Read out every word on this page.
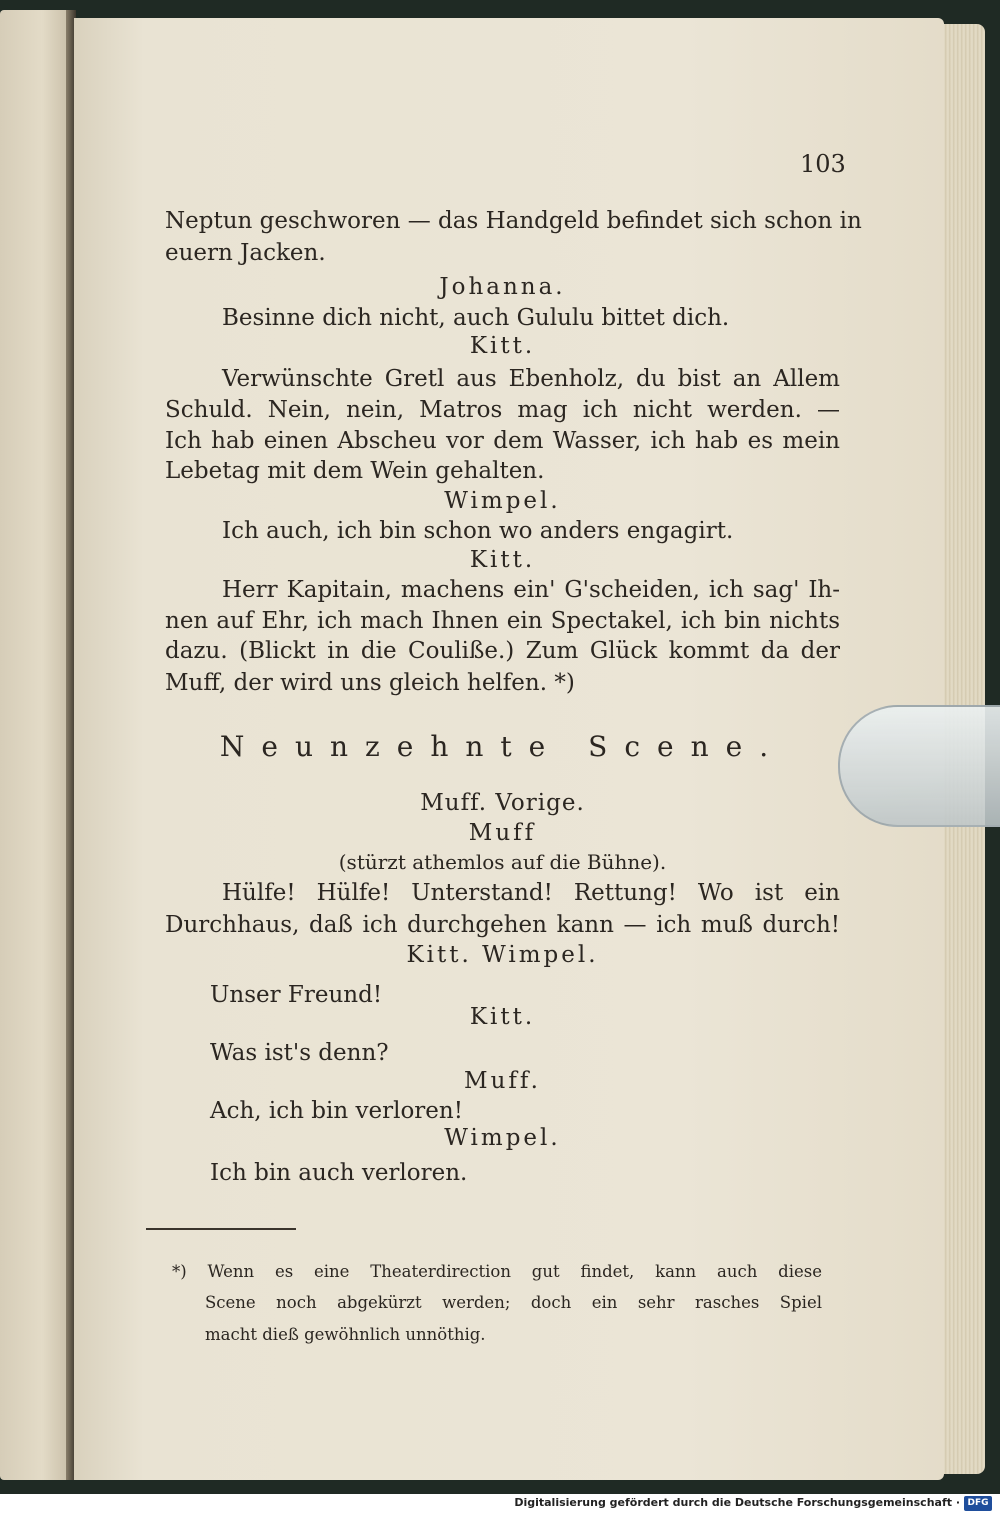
103
Neptun geschworen — das Handgeld befindet sich schon in
euern Jacken.
Johanna.
Besinne dich nicht, auch Gululu bittet dich.
Kitt.
Verwünschte Gretl aus Ebenholz, du bist an Allem
Schuld. Nein, nein, Matros mag ich nicht werden. —
Ich hab einen Abscheu vor dem Wasser, ich hab es mein
Lebetag mit dem Wein gehalten.
Wimpel.
Ich auch, ich bin schon wo anders engagirt.
Kitt.
Herr Kapitain, machens ein' G'scheiden, ich sag' Ih-
nen auf Ehr, ich mach Ihnen ein Spectakel, ich bin nichts
dazu. (Blickt in die Couliße.) Zum Glück kommt da der
Muff, der wird uns gleich helfen. *)
Neunzehnte Scene.
Muff. Vorige.
Muff
(stürzt athemlos auf die Bühne).
Hülfe! Hülfe! Unterstand! Rettung! Wo ist ein
Durchhaus, daß ich durchgehen kann — ich muß durch!
Kitt. Wimpel.
Unser Freund!
Kitt.
Was ist's denn?
Muff.
Ach, ich bin verloren!
Wimpel.
Ich bin auch verloren.
*) Wenn es eine Theaterdirection gut findet, kann auch diese
Scene noch abgekürzt werden; doch ein sehr rasches Spiel
macht dieß gewöhnlich unnöthig.
Digitalisierung gefördert durch die Deutsche Forschungsgemeinschaft · DFG
